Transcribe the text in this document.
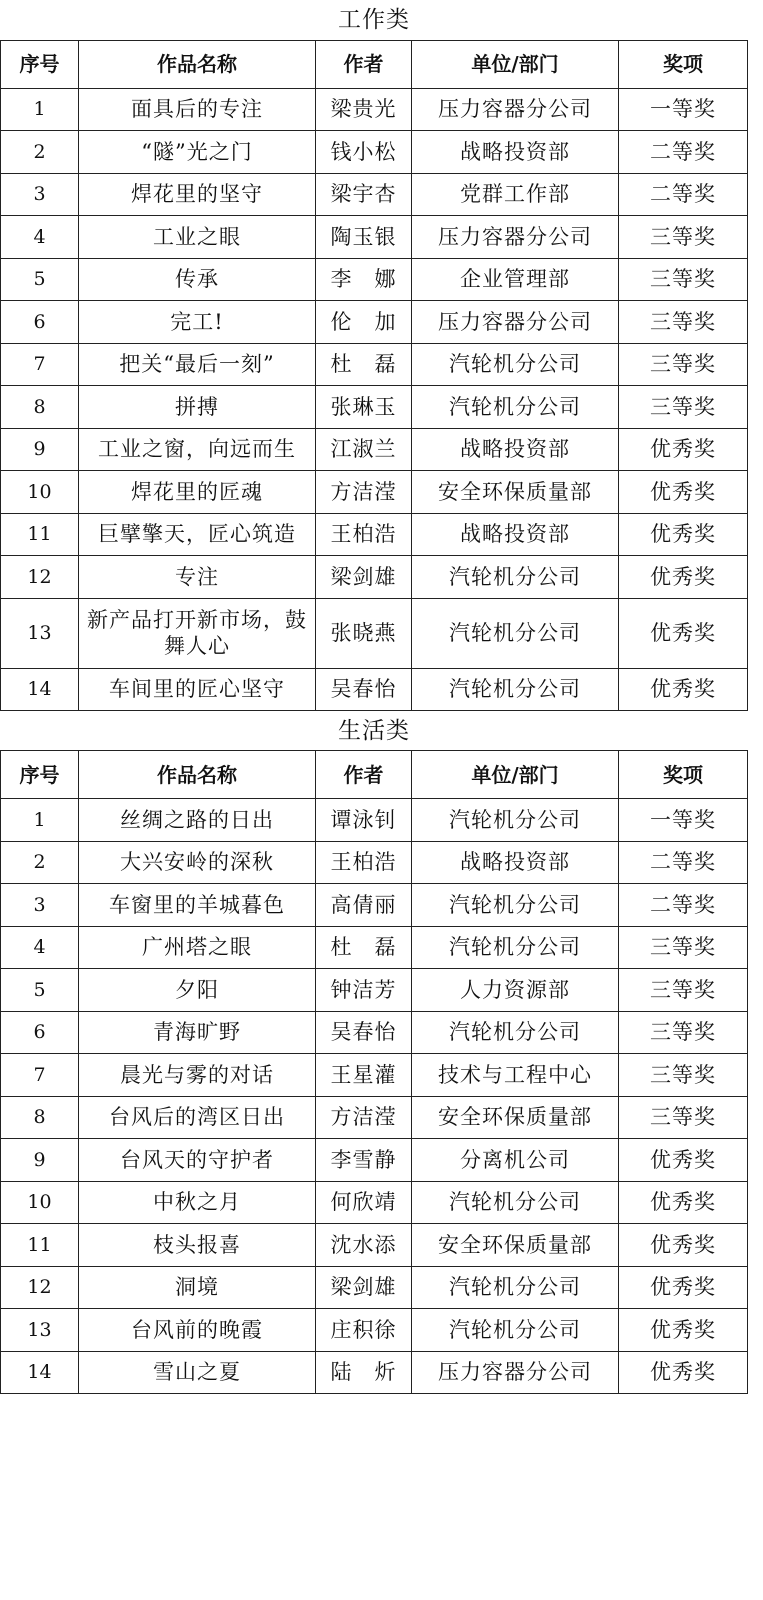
工作类				
序号	作品名称	作者	单位/部门	奖项
1	面具后的专注	梁贵光	压力容器分公司	一等奖
2	“隧”光之门	钱小松	战略投资部	二等奖
3	焊花里的坚守	梁宇杏	党群工作部	二等奖
4	工业之眼	陶玉银	压力容器分公司	三等奖
5	传承	李　娜	企业管理部	三等奖
6	完工!	伦　加	压力容器分公司	三等奖
7	把关“最后一刻”	杜　磊	汽轮机分公司	三等奖
8	拼搏	张琳玉	汽轮机分公司	三等奖
9	工业之窗，向远而生	江淑兰	战略投资部	优秀奖
10	焊花里的匠魂	方洁滢	安全环保质量部	优秀奖
11	巨擘擎天，匠心筑造	王柏浩	战略投资部	优秀奖
12	专注	梁剑雄	汽轮机分公司	优秀奖
13	新产品打开新市场，鼓舞人心	张晓燕	汽轮机分公司	优秀奖
14	车间里的匠心坚守	吴春怡	汽轮机分公司	优秀奖
生活类				
序号	作品名称	作者	单位/部门	奖项
1	丝绸之路的日出	谭泳钊	汽轮机分公司	一等奖
2	大兴安岭的深秋	王柏浩	战略投资部	二等奖
3	车窗里的羊城暮色	高倩丽	汽轮机分公司	二等奖
4	广州塔之眼	杜　磊	汽轮机分公司	三等奖
5	夕阳	钟洁芳	人力资源部	三等奖
6	青海旷野	吴春怡	汽轮机分公司	三等奖
7	晨光与雾的对话	王星灌	技术与工程中心	三等奖
8	台风后的湾区日出	方洁滢	安全环保质量部	三等奖
9	台风天的守护者	李雪静	分离机公司	优秀奖
10	中秋之月	何欣靖	汽轮机分公司	优秀奖
11	枝头报喜	沈水添	安全环保质量部	优秀奖
12	洞境	梁剑雄	汽轮机分公司	优秀奖
13	台风前的晚霞	庄积徐	汽轮机分公司	优秀奖
14	雪山之夏	陆　炘	压力容器分公司	优秀奖
